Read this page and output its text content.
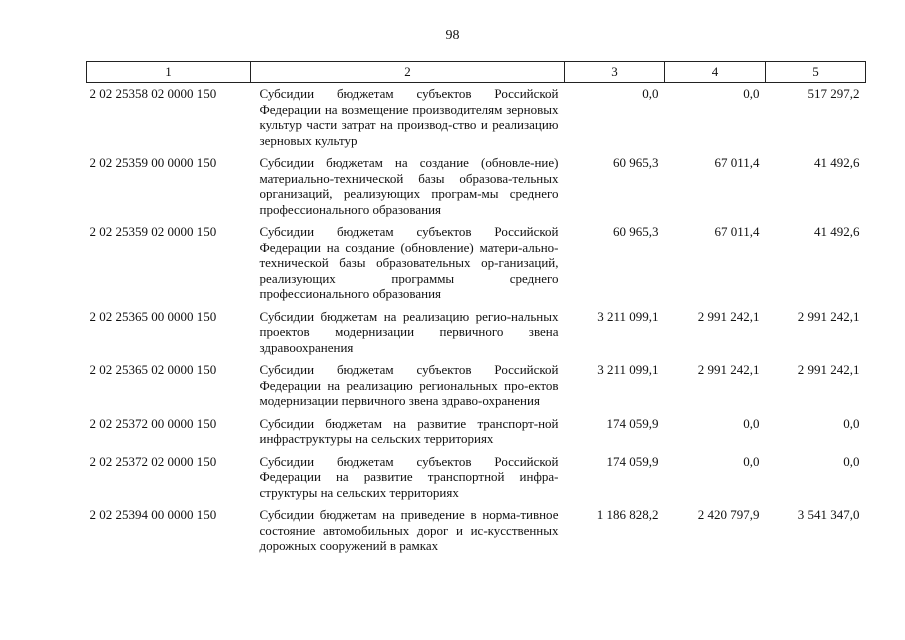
98
1	2	3	4	5
2 02 25358 02 0000 150	Субсидии бюджетам субъектов Российской Федерации на возмещение производителям зерновых культур части затрат на производ-ство и реализацию зерновых культур	0,0	0,0	517 297,2
2 02 25359 00 0000 150	Субсидии бюджетам на создание (обновле-ние) материально-технической базы образова-тельных организаций, реализующих програм-мы среднего профессионального образования	60 965,3	67 011,4	41 492,6
2 02 25359 02 0000 150	Субсидии бюджетам субъектов Российской Федерации на создание (обновление) матери-ально-технической базы образовательных ор-ганизаций, реализующих программы среднего профессионального образования	60 965,3	67 011,4	41 492,6
2 02 25365 00 0000 150	Субсидии бюджетам на реализацию регио-нальных проектов модернизации первичного звена здравоохранения	3 211 099,1	2 991 242,1	2 991 242,1
2 02 25365 02 0000 150	Субсидии бюджетам субъектов Российской Федерации на реализацию региональных про-ектов модернизации первичного звена здраво-охранения	3 211 099,1	2 991 242,1	2 991 242,1
2 02 25372 00 0000 150	Субсидии бюджетам на развитие транспорт-ной инфраструктуры на сельских территориях	174 059,9	0,0	0,0
2 02 25372 02 0000 150	Субсидии бюджетам субъектов Российской Федерации на развитие транспортной инфра-структуры на сельских территориях	174 059,9	0,0	0,0
2 02 25394 00 0000 150	Субсидии бюджетам на приведение в норма-тивное состояние автомобильных дорог и ис-кусственных дорожных сооружений в рамках	1 186 828,2	2 420 797,9	3 541 347,0
